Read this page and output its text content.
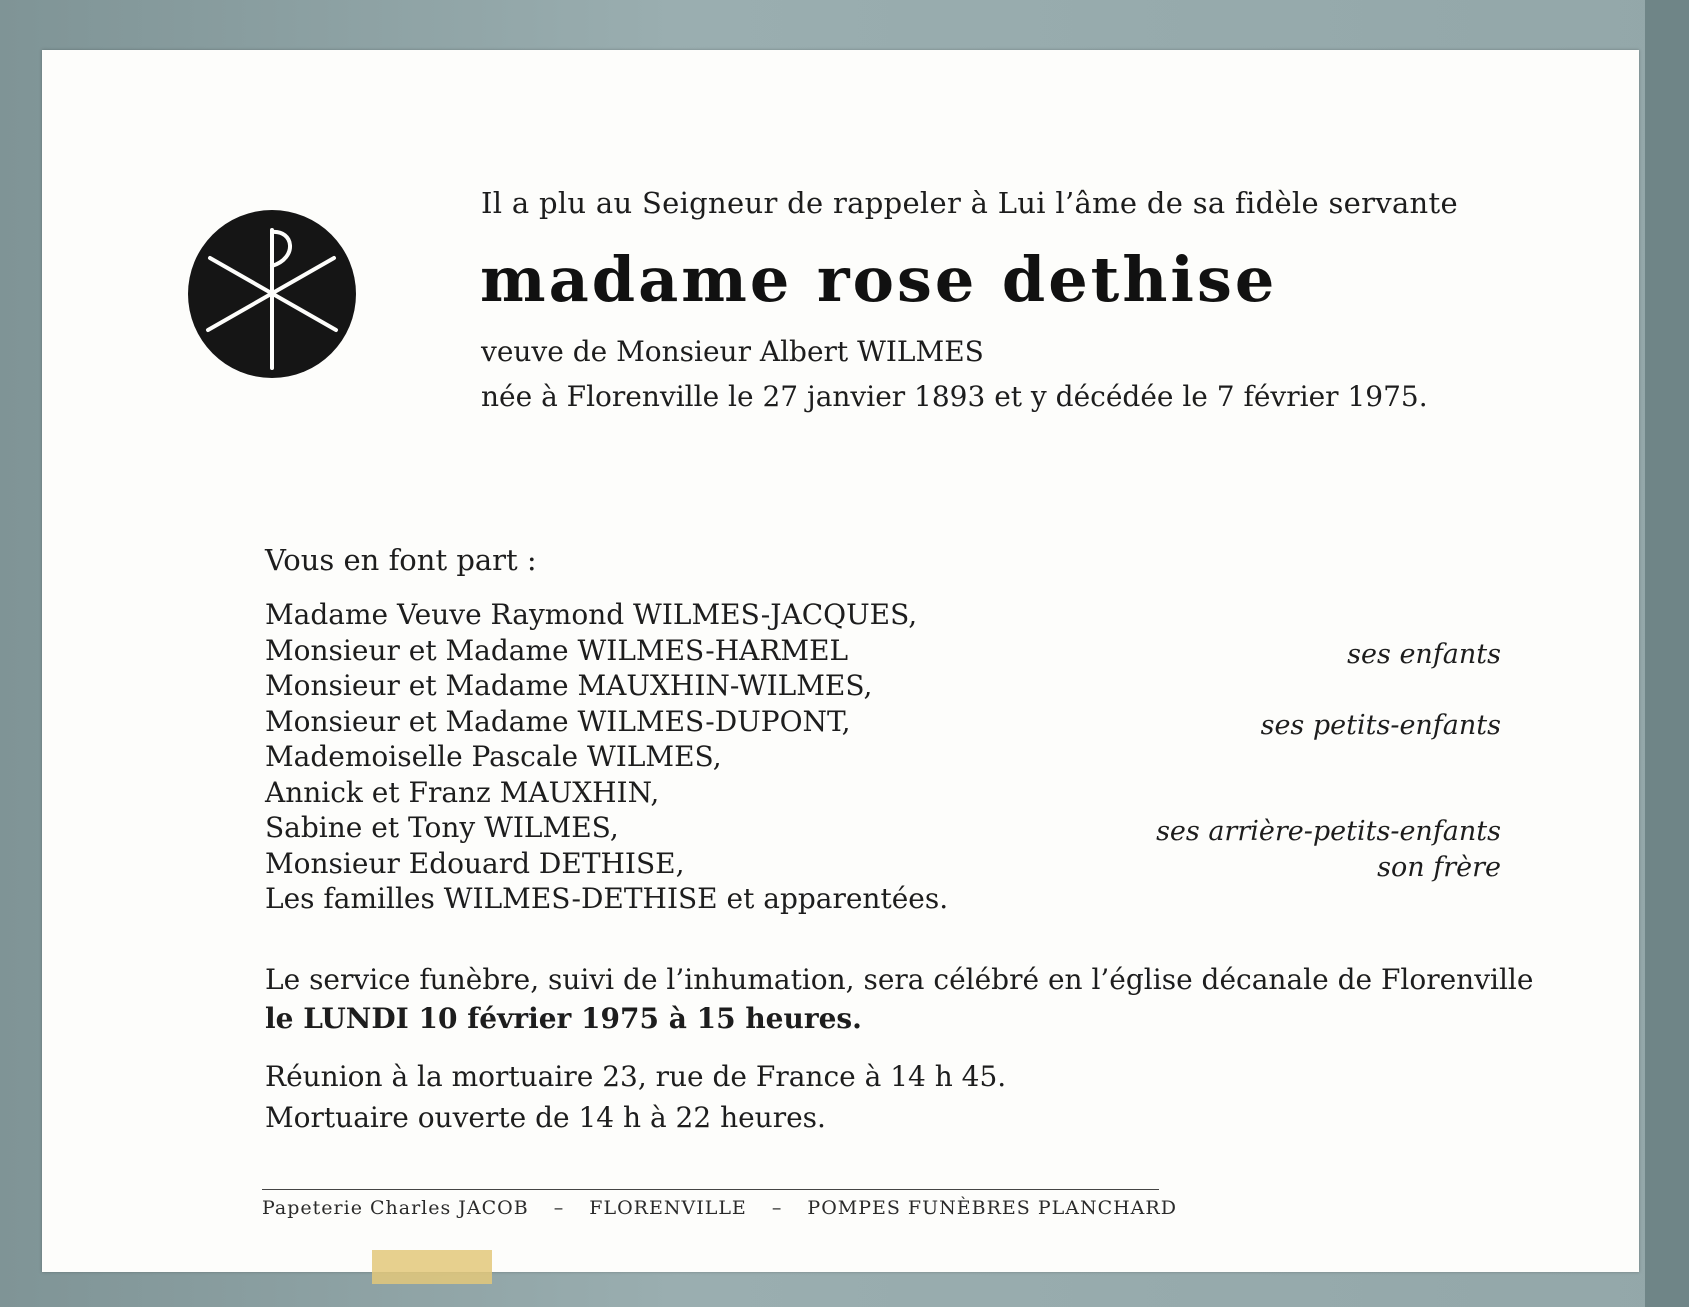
Il a plu au Seigneur de rappeler à Lui l’âme de sa fidèle servante
madame rose dethise
veuve de Monsieur Albert WILMES
née à Florenville le 27 janvier 1893 et y décédée le 7 février 1975.
Vous en font part :
Madame Veuve Raymond WILMES-JACQUES,
Monsieur et Madame WILMES-HARMEL
Monsieur et Madame MAUXHIN-WILMES,
Monsieur et Madame WILMES-DUPONT,
Mademoiselle Pascale WILMES,
Annick et Franz MAUXHIN,
Sabine et Tony WILMES,
Monsieur Edouard DETHISE,
Les familles WILMES-DETHISE et apparentées.
ses enfants
ses petits-enfants
ses arrière-petits-enfants
son frère
Le service funèbre, suivi de l’inhumation, sera célébré en l’église décanale de Florenville
le LUNDI 10 février 1975 à 15 heures.
Réunion à la mortuaire 23, rue de France à 14 h 45.
Mortuaire ouverte de 14 h à 22 heures.
Papeterie Charles JACOB – FLORENVILLE – POMPES FUNÈBRES PLANCHARD
